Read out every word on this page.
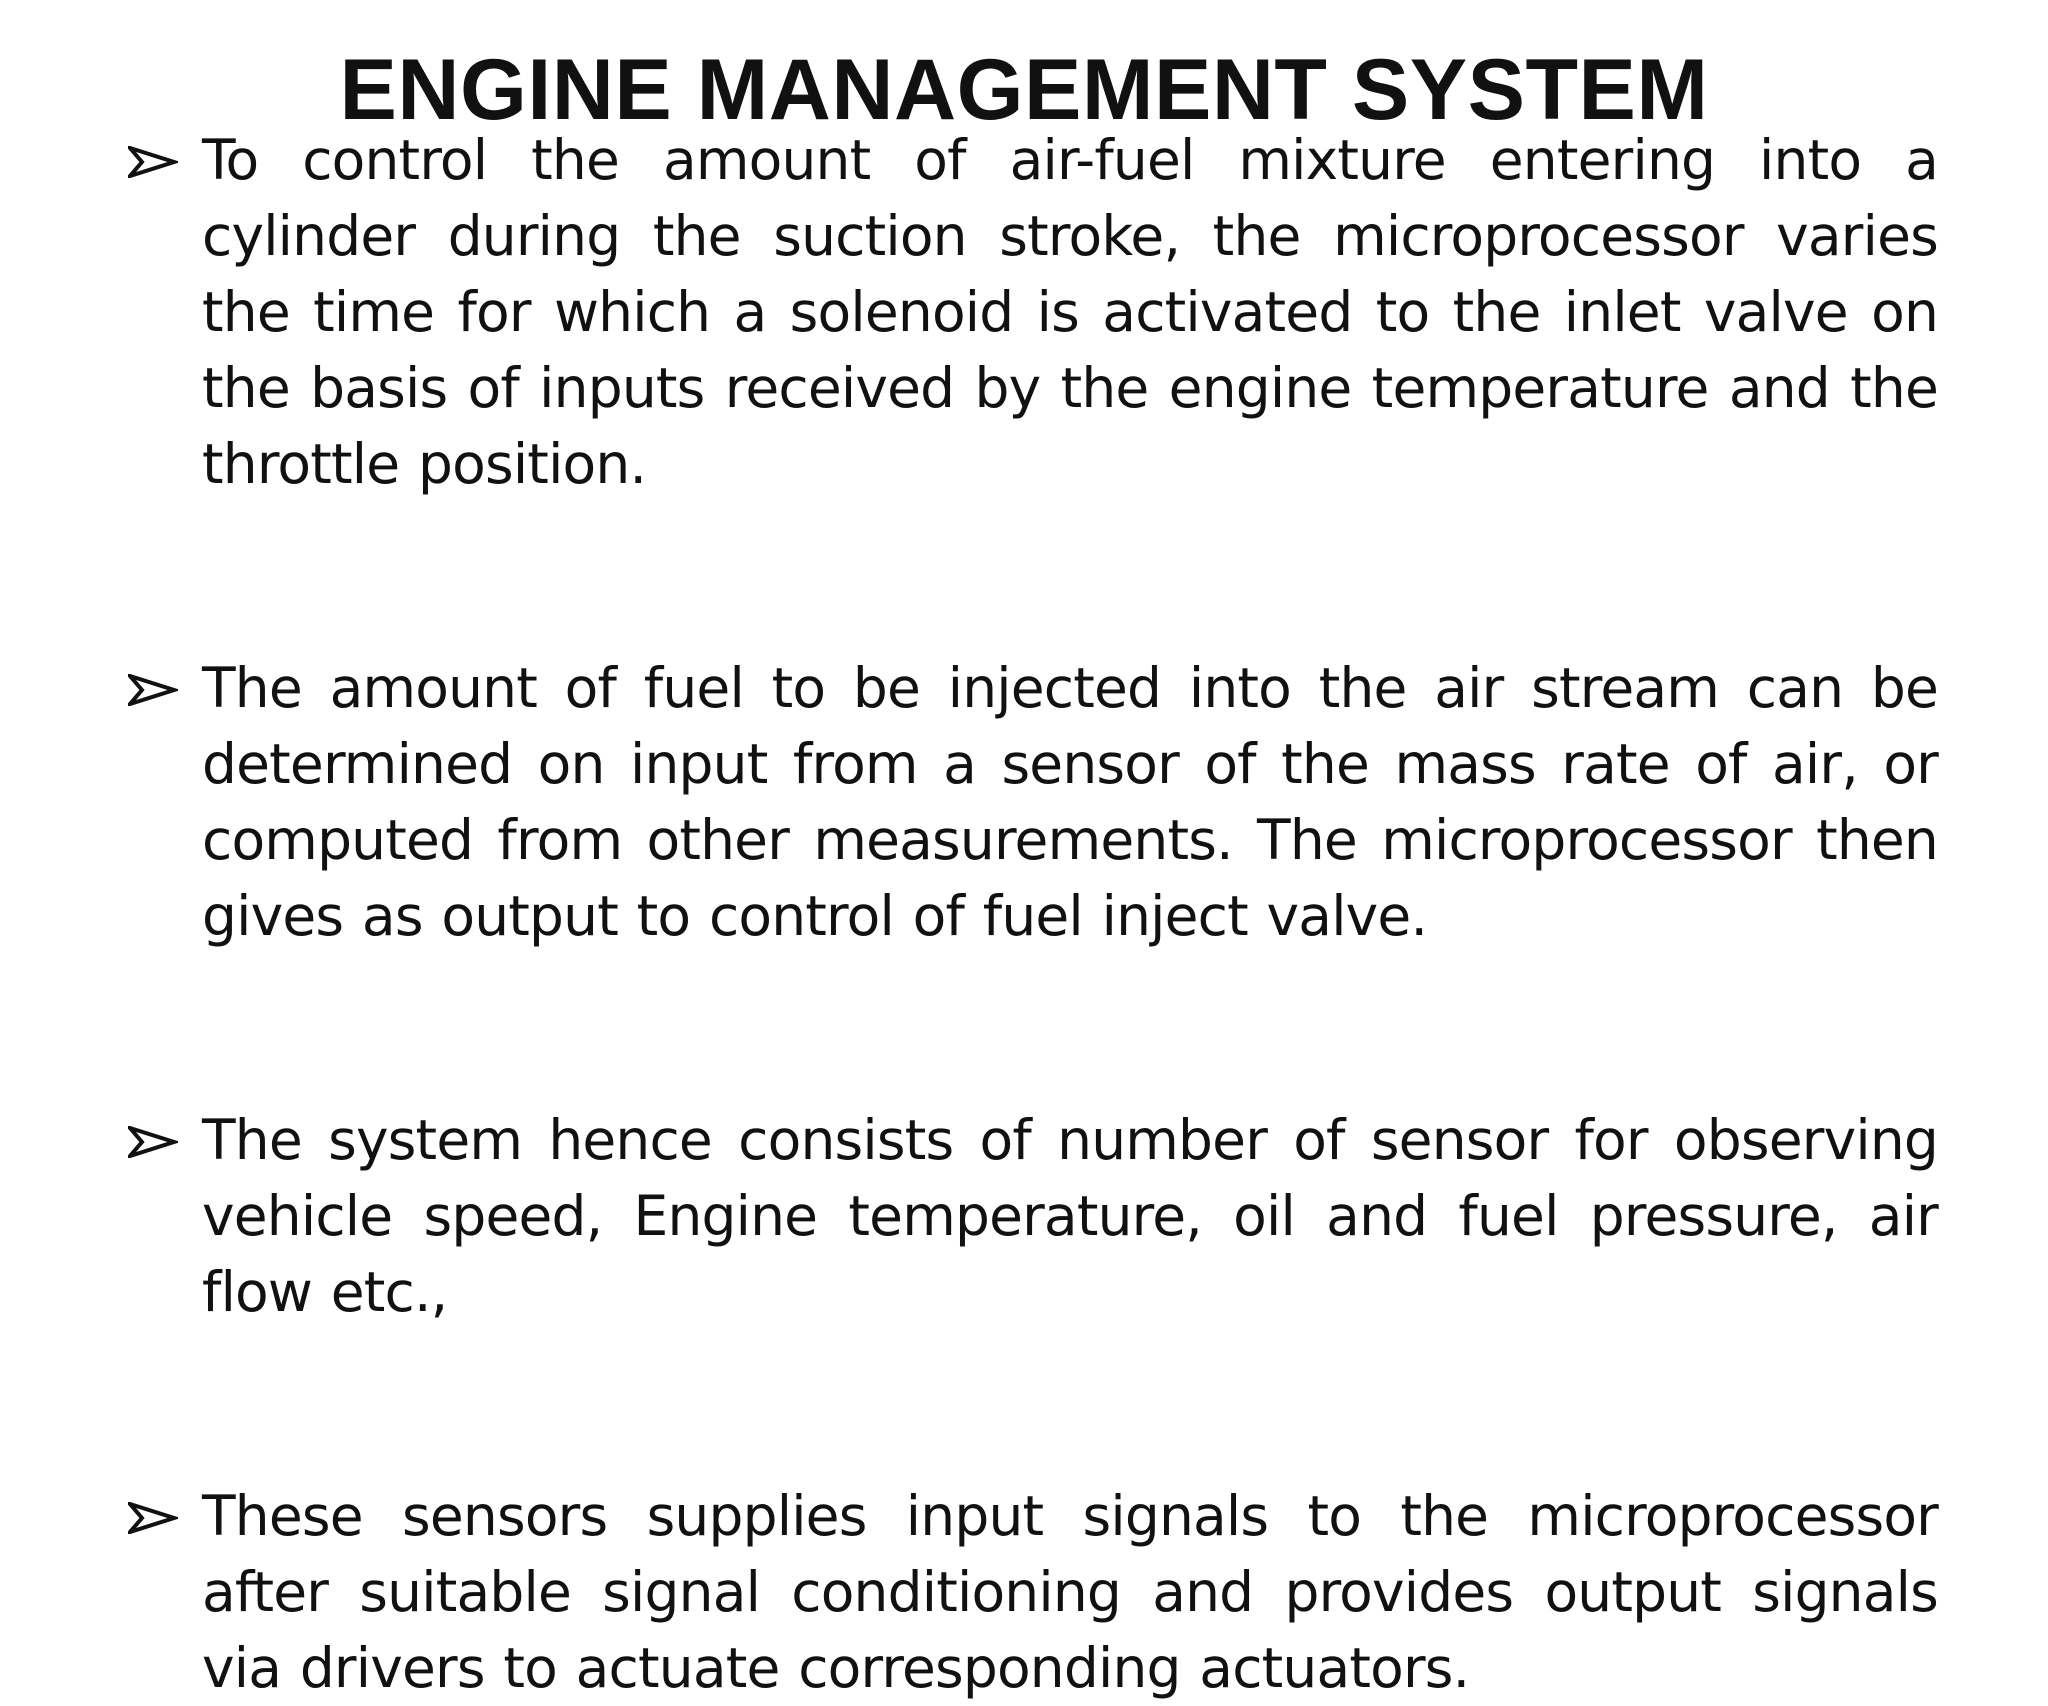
ENGINE MANAGEMENT SYSTEM
To control the amount of air-fuel mixture entering into a cylinder during the suction stroke, the microprocessor varies the time for which a solenoid is activated to the inlet valve on the basis of inputs received by the engine temperature and the throttle position.
The amount of fuel to be injected into the air stream can be determined on input from a sensor of the mass rate of air, or computed from other measurements. The microprocessor then gives as output to control of fuel inject valve.
The system hence consists of number of sensor for observing vehicle speed, Engine temperature, oil and fuel pressure, air flow etc.,
These sensors supplies input signals to the microprocessor after suitable signal conditioning and provides output signals via drivers to actuate corresponding actuators.
